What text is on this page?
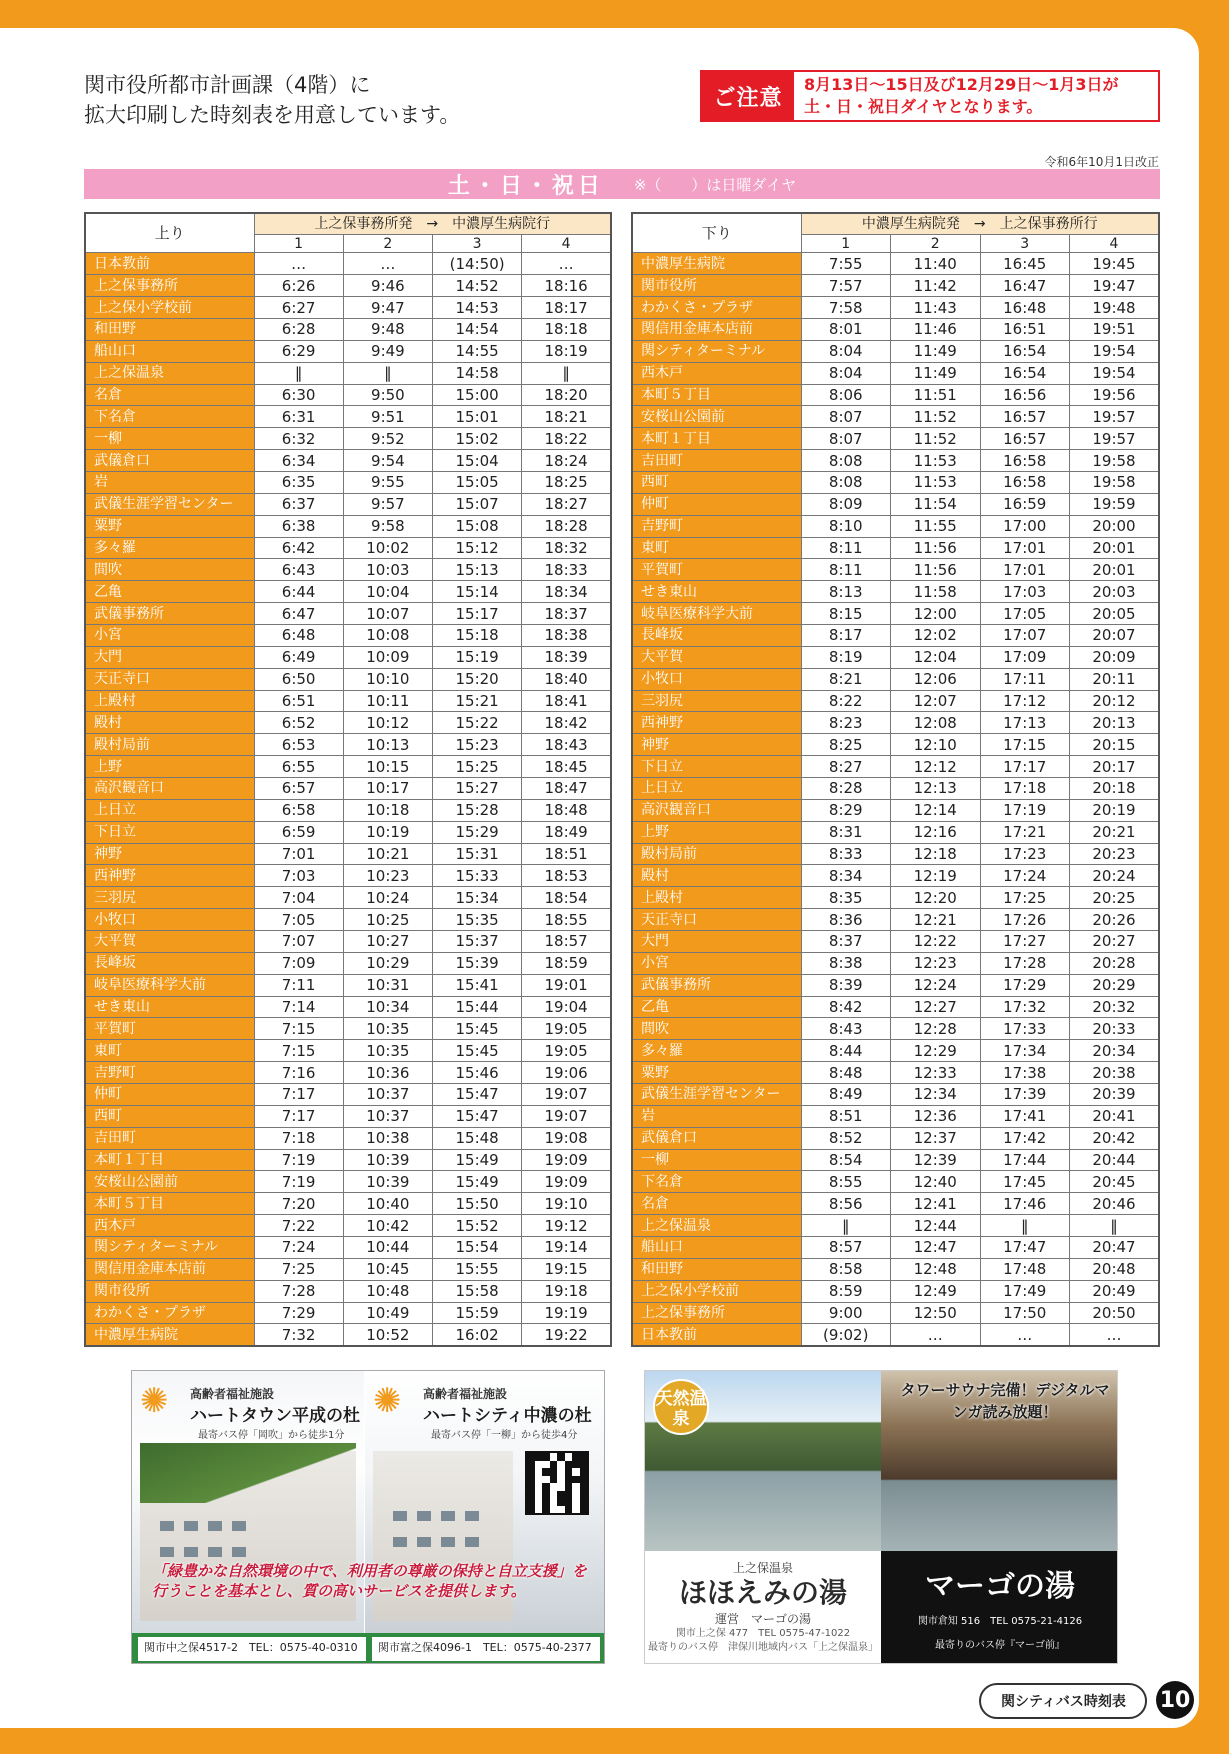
関市役所都市計画課（4階）に
拡大印刷した時刻表を用意しています。
ご注意
8月13日～15日及び12月29日～1月3日が
土・日・祝日ダイヤとなります。
令和6年10月1日改正
土・日・祝日 ※（　　）は日曜ダイヤ
上り	上之保事務所発　→　中濃厚生病院行			
	1	2	3	4
日本教前	…	…	(14:50)	…
上之保事務所	6:26	9:46	14:52	18:16
上之保小学校前	6:27	9:47	14:53	18:17
和田野	6:28	9:48	14:54	18:18
船山口	6:29	9:49	14:55	18:19
上之保温泉	‖	‖	14:58	‖
名倉	6:30	9:50	15:00	18:20
下名倉	6:31	9:51	15:01	18:21
一柳	6:32	9:52	15:02	18:22
武儀倉口	6:34	9:54	15:04	18:24
岩	6:35	9:55	15:05	18:25
武儀生涯学習センター	6:37	9:57	15:07	18:27
粟野	6:38	9:58	15:08	18:28
多々羅	6:42	10:02	15:12	18:32
間吹	6:43	10:03	15:13	18:33
乙亀	6:44	10:04	15:14	18:34
武儀事務所	6:47	10:07	15:17	18:37
小宮	6:48	10:08	15:18	18:38
大門	6:49	10:09	15:19	18:39
天正寺口	6:50	10:10	15:20	18:40
上殿村	6:51	10:11	15:21	18:41
殿村	6:52	10:12	15:22	18:42
殿村局前	6:53	10:13	15:23	18:43
上野	6:55	10:15	15:25	18:45
高沢観音口	6:57	10:17	15:27	18:47
上日立	6:58	10:18	15:28	18:48
下日立	6:59	10:19	15:29	18:49
神野	7:01	10:21	15:31	18:51
西神野	7:03	10:23	15:33	18:53
三羽尻	7:04	10:24	15:34	18:54
小牧口	7:05	10:25	15:35	18:55
大平賀	7:07	10:27	15:37	18:57
長峰坂	7:09	10:29	15:39	18:59
岐阜医療科学大前	7:11	10:31	15:41	19:01
せき東山	7:14	10:34	15:44	19:04
平賀町	7:15	10:35	15:45	19:05
東町	7:15	10:35	15:45	19:05
吉野町	7:16	10:36	15:46	19:06
仲町	7:17	10:37	15:47	19:07
西町	7:17	10:37	15:47	19:07
吉田町	7:18	10:38	15:48	19:08
本町１丁目	7:19	10:39	15:49	19:09
安桜山公園前	7:19	10:39	15:49	19:09
本町５丁目	7:20	10:40	15:50	19:10
西木戸	7:22	10:42	15:52	19:12
関シティターミナル	7:24	10:44	15:54	19:14
関信用金庫本店前	7:25	10:45	15:55	19:15
関市役所	7:28	10:48	15:58	19:18
わかくさ・プラザ	7:29	10:49	15:59	19:19
中濃厚生病院	7:32	10:52	16:02	19:22
下り	中濃厚生病院発　→　上之保事務所行			
	1	2	3	4
中濃厚生病院	7:55	11:40	16:45	19:45
関市役所	7:57	11:42	16:47	19:47
わかくさ・プラザ	7:58	11:43	16:48	19:48
関信用金庫本店前	8:01	11:46	16:51	19:51
関シティターミナル	8:04	11:49	16:54	19:54
西木戸	8:04	11:49	16:54	19:54
本町５丁目	8:06	11:51	16:56	19:56
安桜山公園前	8:07	11:52	16:57	19:57
本町１丁目	8:07	11:52	16:57	19:57
吉田町	8:08	11:53	16:58	19:58
西町	8:08	11:53	16:58	19:58
仲町	8:09	11:54	16:59	19:59
吉野町	8:10	11:55	17:00	20:00
東町	8:11	11:56	17:01	20:01
平賀町	8:11	11:56	17:01	20:01
せき東山	8:13	11:58	17:03	20:03
岐阜医療科学大前	8:15	12:00	17:05	20:05
長峰坂	8:17	12:02	17:07	20:07
大平賀	8:19	12:04	17:09	20:09
小牧口	8:21	12:06	17:11	20:11
三羽尻	8:22	12:07	17:12	20:12
西神野	8:23	12:08	17:13	20:13
神野	8:25	12:10	17:15	20:15
下日立	8:27	12:12	17:17	20:17
上日立	8:28	12:13	17:18	20:18
高沢観音口	8:29	12:14	17:19	20:19
上野	8:31	12:16	17:21	20:21
殿村局前	8:33	12:18	17:23	20:23
殿村	8:34	12:19	17:24	20:24
上殿村	8:35	12:20	17:25	20:25
天正寺口	8:36	12:21	17:26	20:26
大門	8:37	12:22	17:27	20:27
小宮	8:38	12:23	17:28	20:28
武儀事務所	8:39	12:24	17:29	20:29
乙亀	8:42	12:27	17:32	20:32
間吹	8:43	12:28	17:33	20:33
多々羅	8:44	12:29	17:34	20:34
粟野	8:48	12:33	17:38	20:38
武儀生涯学習センター	8:49	12:34	17:39	20:39
岩	8:51	12:36	17:41	20:41
武儀倉口	8:52	12:37	17:42	20:42
一柳	8:54	12:39	17:44	20:44
下名倉	8:55	12:40	17:45	20:45
名倉	8:56	12:41	17:46	20:46
上之保温泉	‖	12:44	‖	‖
船山口	8:57	12:47	17:47	20:47
和田野	8:58	12:48	17:48	20:48
上之保小学校前	8:59	12:49	17:49	20:49
上之保事務所	9:00	12:50	17:50	20:50
日本教前	(9:02)	…	…	…
✺ 高齢者福祉施設
ハートタウン平成の杜
最寄バス停「岡吹」から徒歩1分
✺ 高齢者福祉施設
ハートシティ中濃の杜
最寄バス停「一柳」から徒歩4分
「緑豊かな自然環境の中で、利用者の尊厳の保持と自立支援」を行うことを基本とし、質の高いサービスを提供します。
関市中之保4517-2　TEL：0575-40-0310	関市富之保4096-1　TEL：0575-40-2377
天然温泉
タワーサウナ完備！デジタルマンガ読み放題！
上之保温泉
ほほえみの湯
運営　マーゴの湯
関市上之保 477　TEL 0575-47-1022
最寄りのバス停　津保川地域内バス「上之保温泉」
マーゴの湯
関市倉知 516　TEL 0575-21-4126
最寄りのバス停『マーゴ前』
関シティバス時刻表	10
